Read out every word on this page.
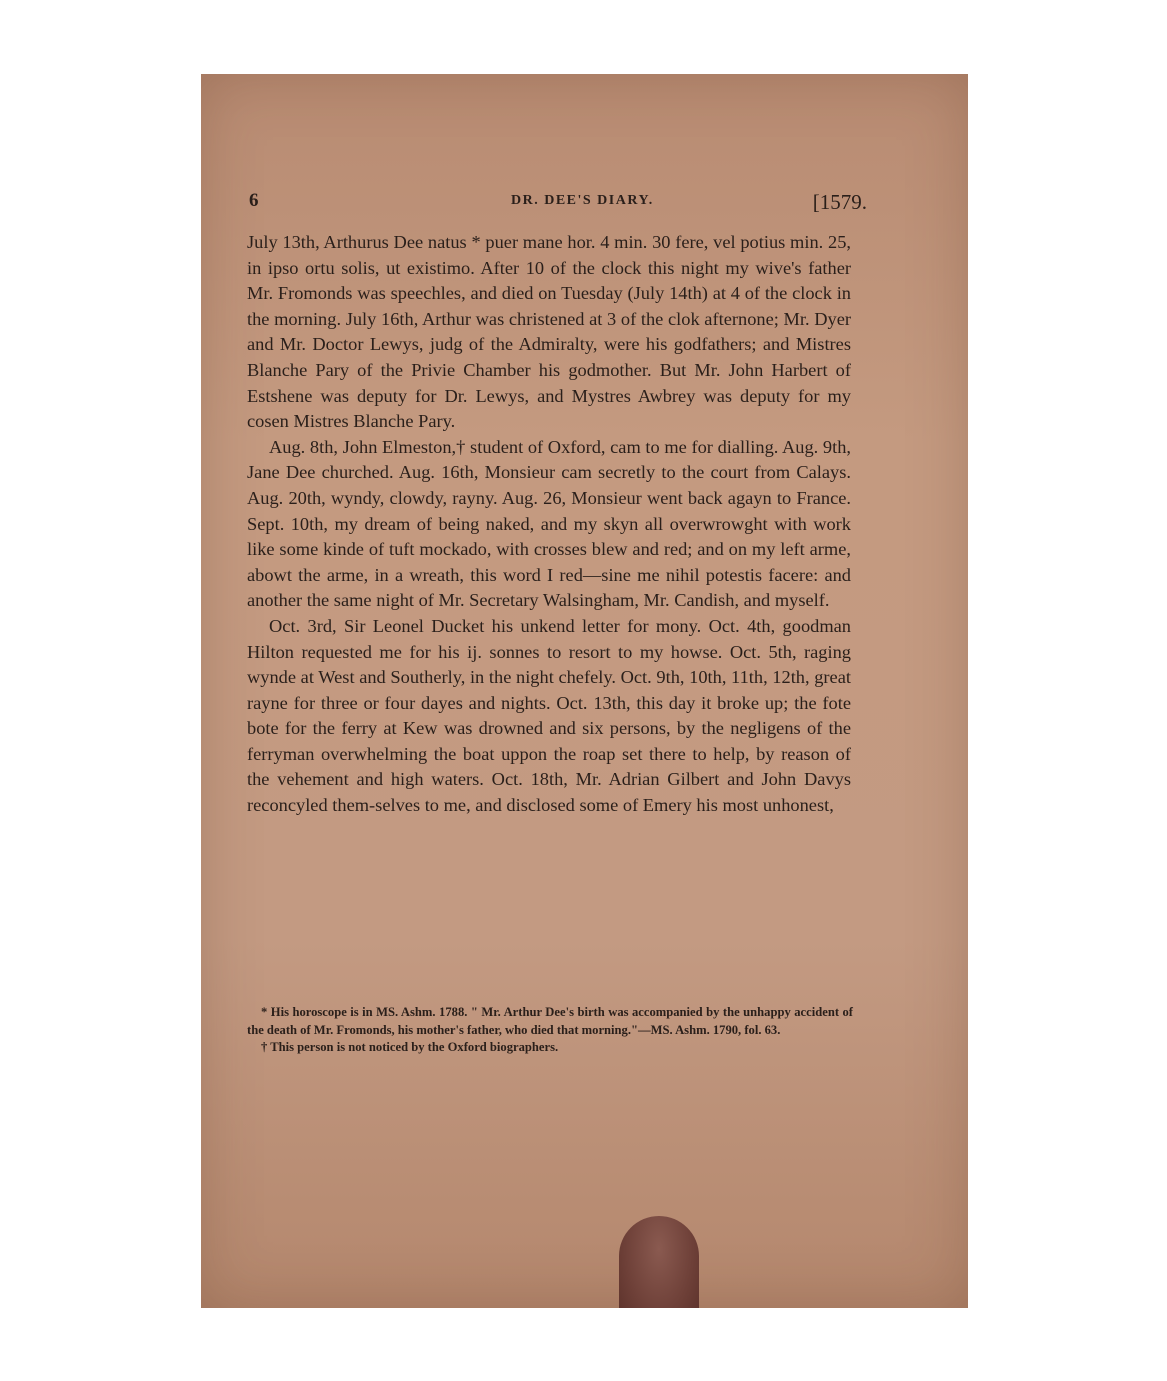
6	DR. DEE'S DIARY.	[1579.

July 13th, Arthurus Dee natus * puer mane hor. 4 min. 30 fere, vel potius min. 25, in ipso ortu solis, ut existimo. After 10 of the clock this night my wive's father Mr. Fromonds was speechles, and died on Tuesday (July 14th) at 4 of the clock in the morning. July 16th, Arthur was christened at 3 of the clok afternone; Mr. Dyer and Mr. Doctor Lewys, judg of the Admiralty, were his godfathers; and Mistres Blanche Pary of the Privie Chamber his godmother. But Mr. John Harbert of Estshene was deputy for Dr. Lewys, and Mystres Awbrey was deputy for my cosen Mistres Blanche Pary.

Aug. 8th, John Elmeston,† student of Oxford, cam to me for dialling. Aug. 9th, Jane Dee churched. Aug. 16th, Monsieur cam secretly to the court from Calays. Aug. 20th, wyndy, clowdy, rayny. Aug. 26, Monsieur went back agayn to France. Sept. 10th, my dream of being naked, and my skyn all overwrowght with work like some kinde of tuft mockado, with crosses blew and red; and on my left arme, abowt the arme, in a wreath, this word I red—sine me nihil potestis facere: and another the same night of Mr. Secretary Walsingham, Mr. Candish, and myself.

Oct. 3rd, Sir Leonel Ducket his unkend letter for mony. Oct. 4th, goodman Hilton requested me for his ij. sonnes to resort to my howse. Oct. 5th, raging wynde at West and Southerly, in the night chefely. Oct. 9th, 10th, 11th, 12th, great rayne for three or four dayes and nights. Oct. 13th, this day it broke up; the fote bote for the ferry at Kew was drowned and six persons, by the negligens of the ferryman overwhelming the boat uppon the roap set there to help, by reason of the vehement and high waters. Oct. 18th, Mr. Adrian Gilbert and John Davys reconcyled them-selves to me, and disclosed some of Emery his most unhonest,

* His horoscope is in MS. Ashm. 1788. " Mr. Arthur Dee's birth was accompanied by the unhappy accident of the death of Mr. Fromonds, his mother's father, who died that morning."—MS. Ashm. 1790, fol. 63.

† This person is not noticed by the Oxford biographers.
